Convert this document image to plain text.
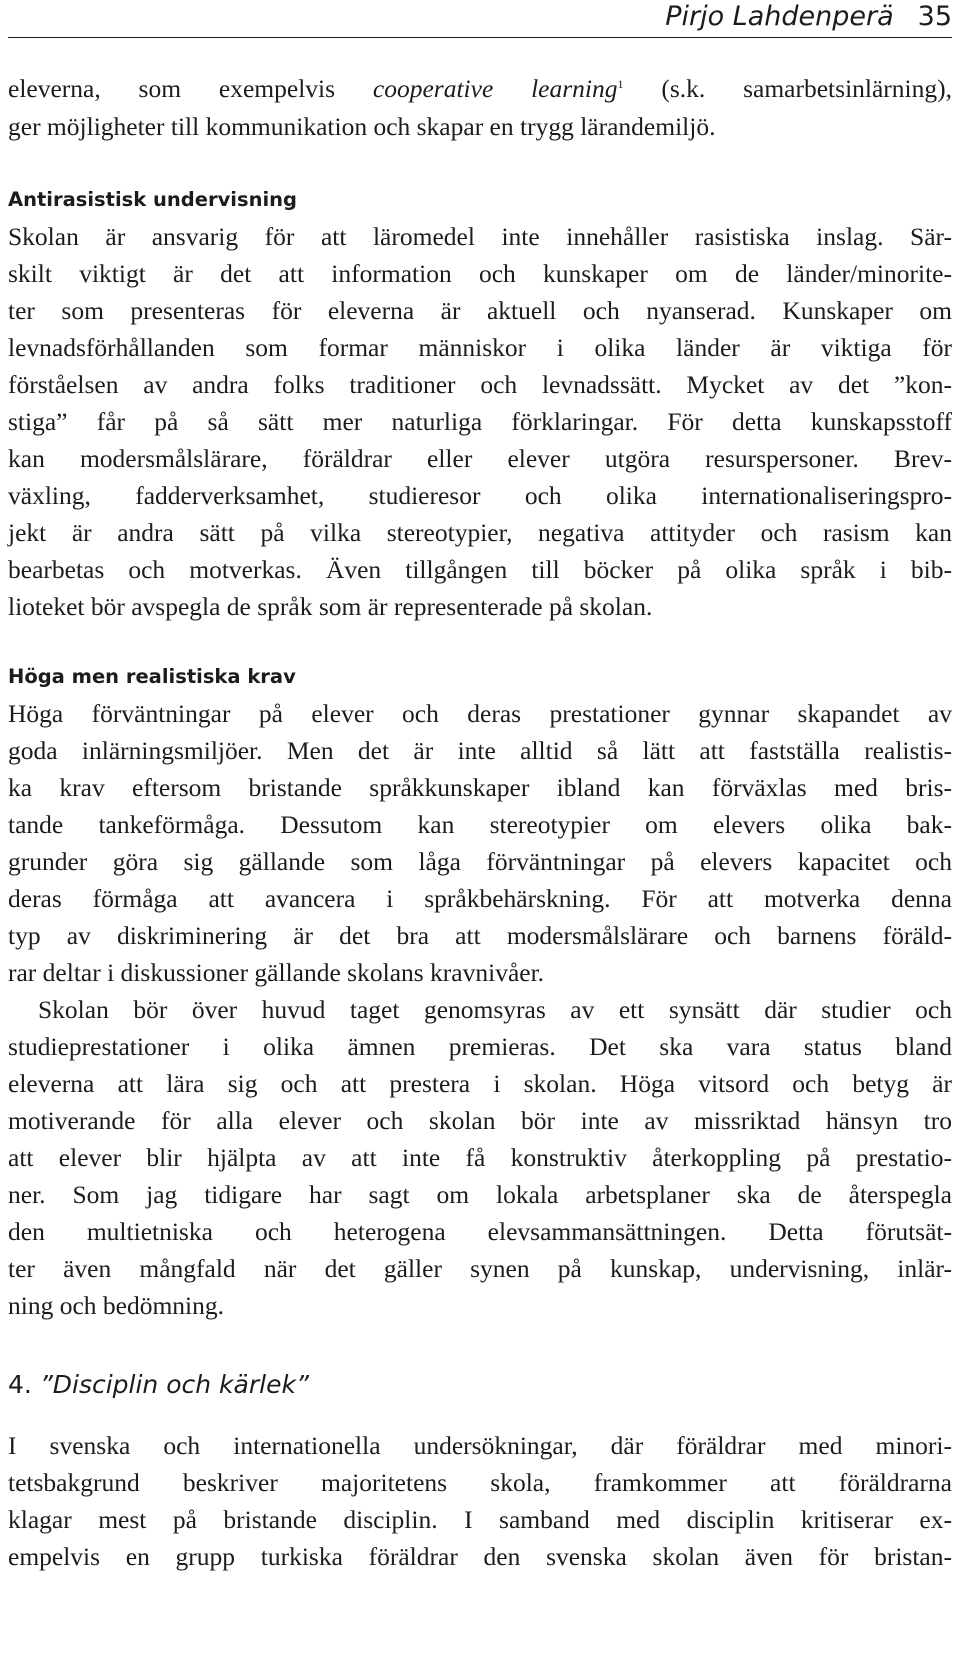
Pirjo Lahdenperä 35
eleverna, som exempelvis cooperative learning$^1$ (s.k. samarbetsinlärning),
ger möjligheter till kommunikation och skapar en trygg lärandemiljö.
Antirasistisk undervisning
Skolan är ansvarig för att läromedel inte innehåller rasistiska inslag. Sär-
skilt viktigt är det att information och kunskaper om de länder/minorite-
ter som presenteras för eleverna är aktuell och nyanserad. Kunskaper om
levnadsförhållanden som formar människor i olika länder är viktiga för
förståelsen av andra folks traditioner och levnadssätt. Mycket av det ”kon-
stiga” får på så sätt mer naturliga förklaringar. För detta kunskapsstoff
kan modersmålslärare, föräldrar eller elever utgöra resurspersoner. Brev-
växling, fadderverksamhet, studieresor och olika internationaliseringspro-
jekt är andra sätt på vilka stereotypier, negativa attityder och rasism kan
bearbetas och motverkas. Även tillgången till böcker på olika språk i bib-
lioteket bör avspegla de språk som är representerade på skolan.
Höga men realistiska krav
Höga förväntningar på elever och deras prestationer gynnar skapandet av
goda inlärningsmiljöer. Men det är inte alltid så lätt att fastställa realistis-
ka krav eftersom bristande språkkunskaper ibland kan förväxlas med bris-
tande tankeförmåga. Dessutom kan stereotypier om elevers olika bak-
grunder göra sig gällande som låga förväntningar på elevers kapacitet och
deras förmåga att avancera i språkbehärskning. För att motverka denna
typ av diskriminering är det bra att modersmålslärare och barnens föräld-
rar deltar i diskussioner gällande skolans kravnivåer.
Skolan bör över huvud taget genomsyras av ett synsätt där studier och
studieprestationer i olika ämnen premieras. Det ska vara status bland
eleverna att lära sig och att prestera i skolan. Höga vitsord och betyg är
motiverande för alla elever och skolan bör inte av missriktad hänsyn tro
att elever blir hjälpta av att inte få konstruktiv återkoppling på prestatio-
ner. Som jag tidigare har sagt om lokala arbetsplaner ska de återspegla
den multietniska och heterogena elevsammansättningen. Detta förutsät-
ter även mångfald när det gäller synen på kunskap, undervisning, inlär-
ning och bedömning.
4. ”Disciplin och kärlek”
I svenska och internationella undersökningar, där föräldrar med minori-
tetsbakgrund beskriver majoritetens skola, framkommer att föräldrarna
klagar mest på bristande disciplin. I samband med disciplin kritiserar ex-
empelvis en grupp turkiska föräldrar den svenska skolan även för bristan-
